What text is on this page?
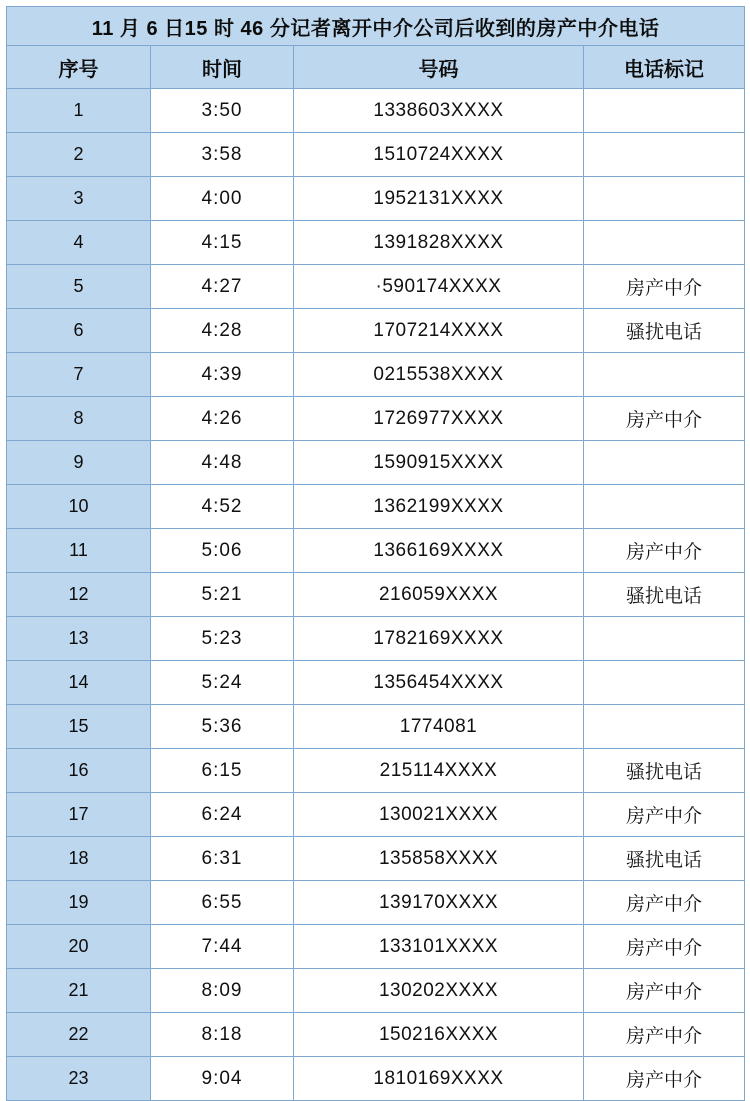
11 月 6 日15 时 46 分记者离开中介公司后收到的房产中介电话			
序号	时间	号码	电话标记
1	3:50	1338603XXXX	
2	3:58	1510724XXXX	
3	4:00	1952131XXXX	
4	4:15	1391828XXXX	
5	4:27	·590174XXXX	房产中介
6	4:28	1707214XXXX	骚扰电话
7	4:39	0215538XXXX	
8	4:26	1726977XXXX	房产中介
9	4:48	1590915XXXX	
10	4:52	1362199XXXX	
11	5:06	1366169XXXX	房产中介
12	5:21	216059XXXX	骚扰电话
13	5:23	1782169XXXX	
14	5:24	1356454XXXX	
15	5:36	1774081	
16	6:15	215114XXXX	骚扰电话
17	6:24	130021XXXX	房产中介
18	6:31	135858XXXX	骚扰电话
19	6:55	139170XXXX	房产中介
20	7:44	133101XXXX	房产中介
21	8:09	130202XXXX	房产中介
22	8:18	150216XXXX	房产中介
23	9:04	1810169XXXX	房产中介
